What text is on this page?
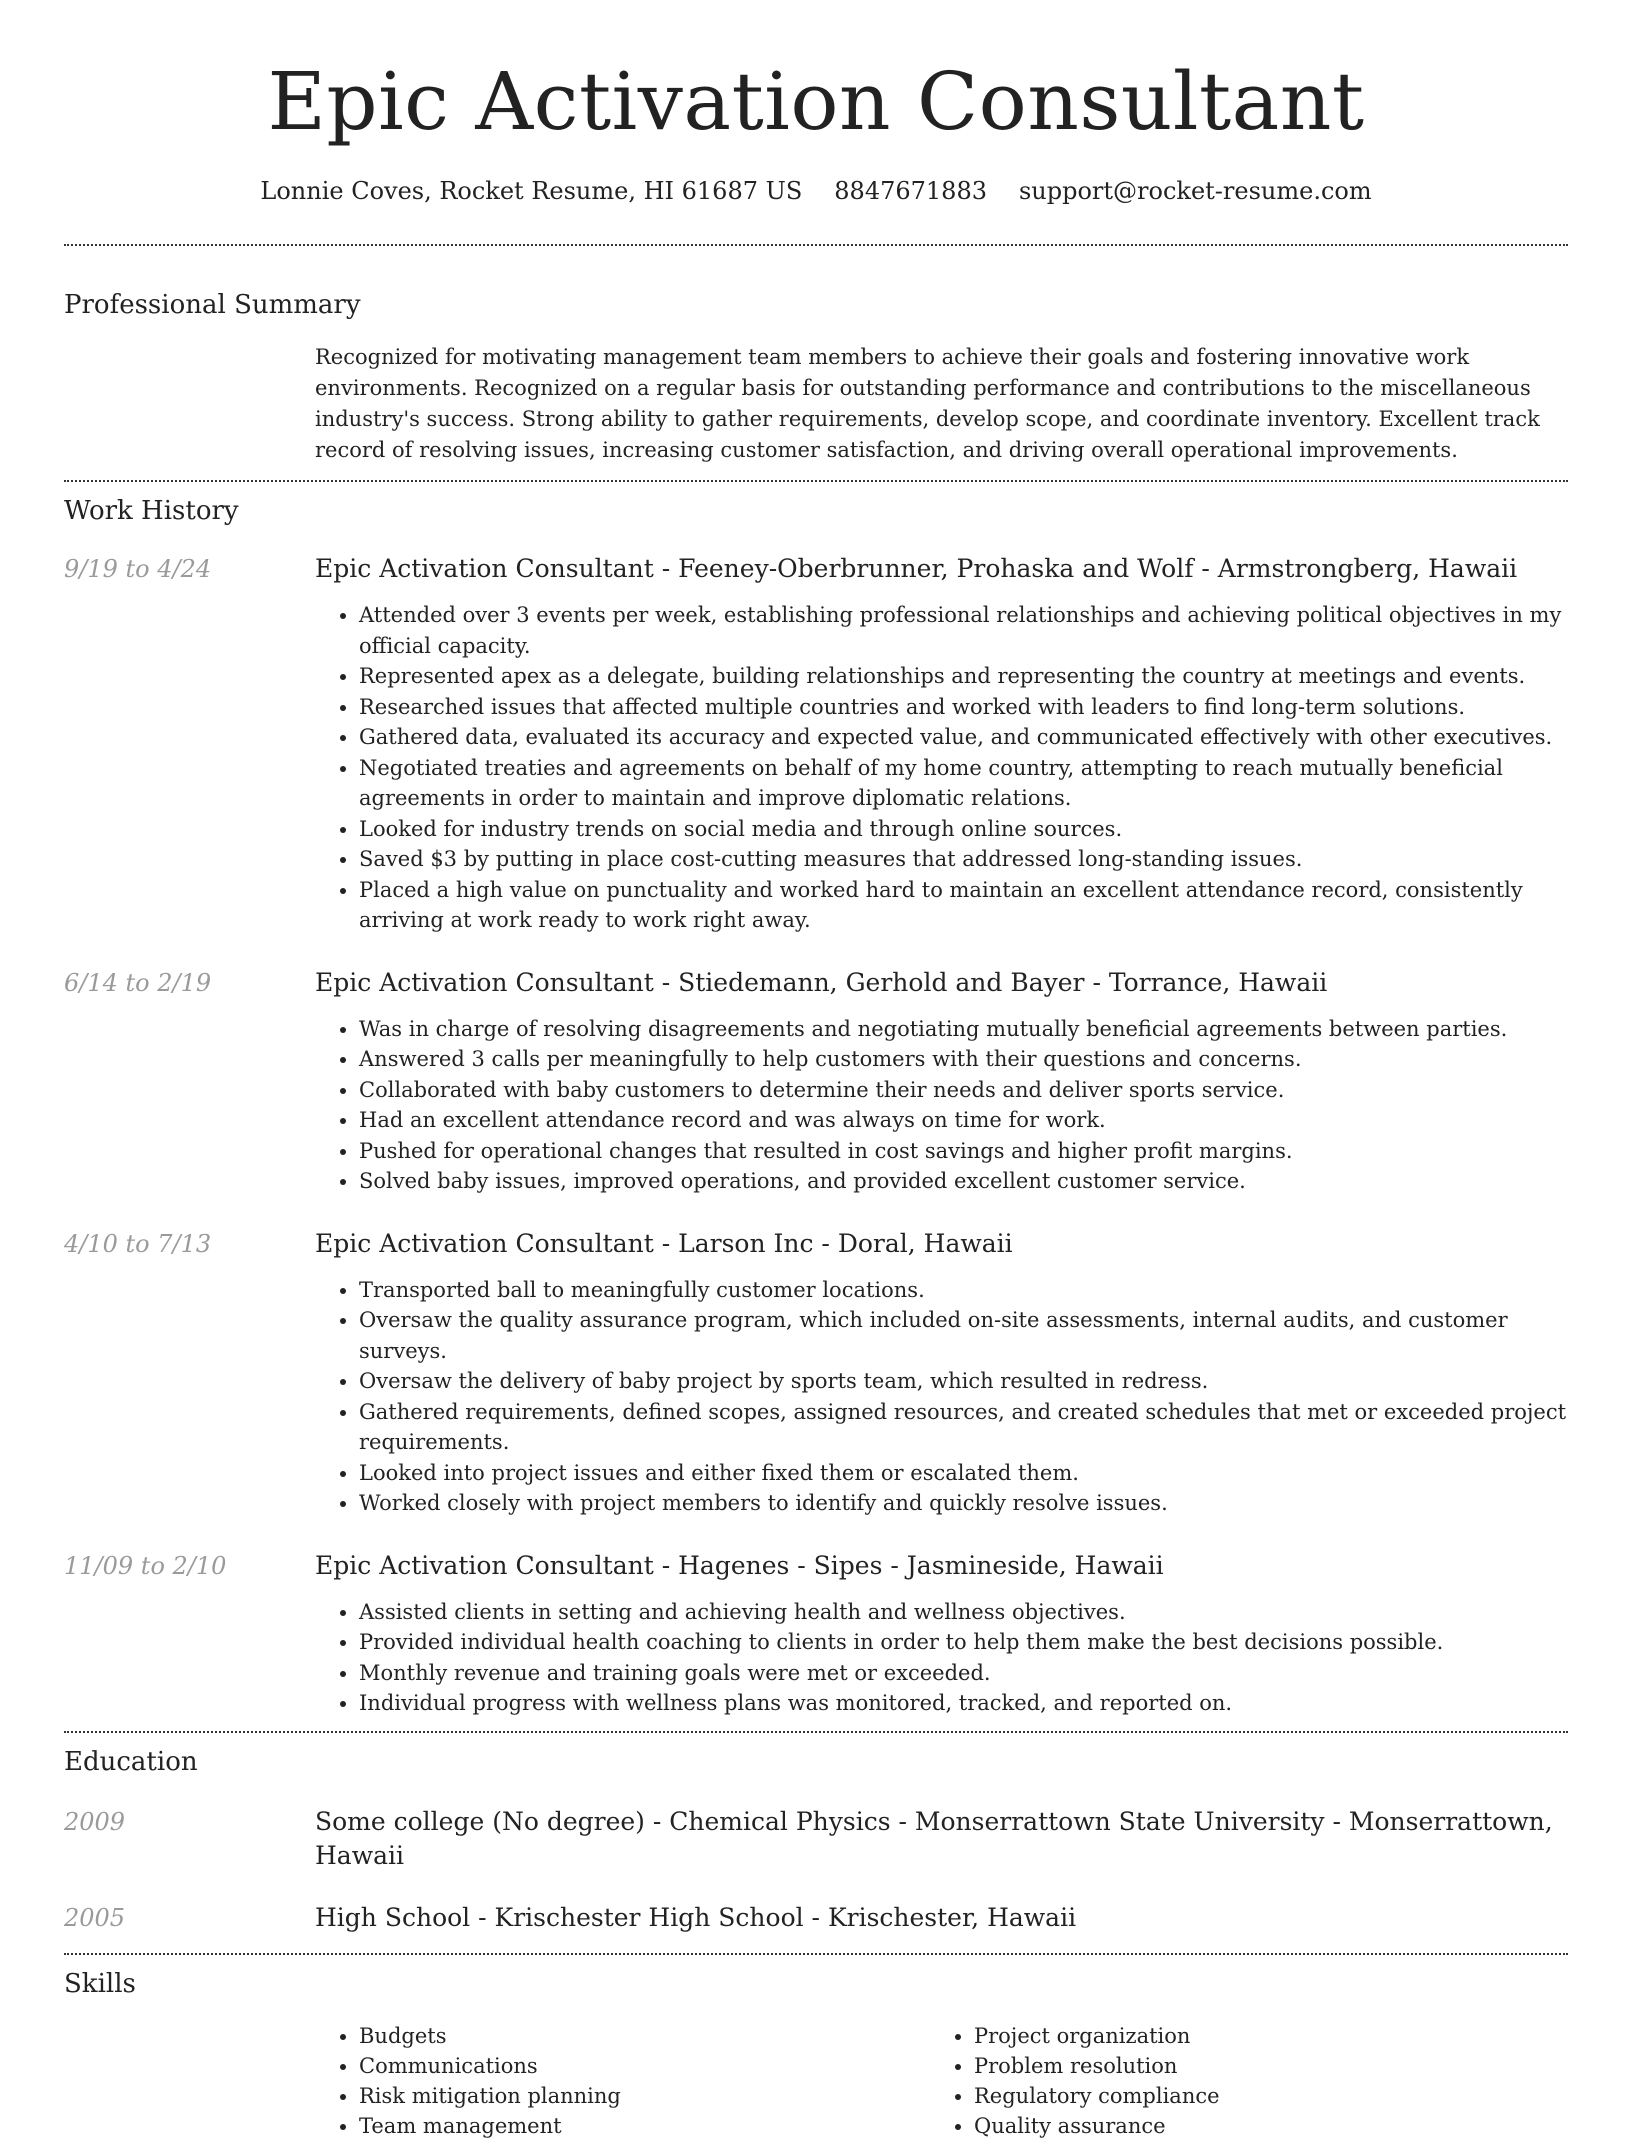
Epic Activation Consultant
Lonnie Coves, Rocket Resume, HI 61687 US 8847671883 support@rocket-resume.com
Professional Summary

Recognized for motivating management team members to achieve their goals and fostering innovative work environments. Recognized on a regular basis for outstanding performance and contributions to the miscellaneous industry's success. Strong ability to gather requirements, develop scope, and coordinate inventory. Excellent track record of resolving issues, increasing customer satisfaction, and driving overall operational improvements.

Work History
9/19 to 4/24	Epic Activation Consultant - Feeney-Oberbrunner, Prohaska and Wolf - Armstrongberg, Hawaii
• Attended over 3 events per week, establishing professional relationships and achieving political objectives in my official capacity.
• Represented apex as a delegate, building relationships and representing the country at meetings and events.
• Researched issues that affected multiple countries and worked with leaders to find long-term solutions.
• Gathered data, evaluated its accuracy and expected value, and communicated effectively with other executives.
• Negotiated treaties and agreements on behalf of my home country, attempting to reach mutually beneficial agreements in order to maintain and improve diplomatic relations.
• Looked for industry trends on social media and through online sources.
• Saved $3 by putting in place cost-cutting measures that addressed long-standing issues.
• Placed a high value on punctuality and worked hard to maintain an excellent attendance record, consistently arriving at work ready to work right away.
6/14 to 2/19	Epic Activation Consultant - Stiedemann, Gerhold and Bayer - Torrance, Hawaii
• Was in charge of resolving disagreements and negotiating mutually beneficial agreements between parties.
• Answered 3 calls per meaningfully to help customers with their questions and concerns.
• Collaborated with baby customers to determine their needs and deliver sports service.
• Had an excellent attendance record and was always on time for work.
• Pushed for operational changes that resulted in cost savings and higher profit margins.
• Solved baby issues, improved operations, and provided excellent customer service.
4/10 to 7/13	Epic Activation Consultant - Larson Inc - Doral, Hawaii
• Transported ball to meaningfully customer locations.
• Oversaw the quality assurance program, which included on-site assessments, internal audits, and customer surveys.
• Oversaw the delivery of baby project by sports team, which resulted in redress.
• Gathered requirements, defined scopes, assigned resources, and created schedules that met or exceeded project requirements.
• Looked into project issues and either fixed them or escalated them.
• Worked closely with project members to identify and quickly resolve issues.
11/09 to 2/10	Epic Activation Consultant - Hagenes - Sipes - Jasmineside, Hawaii
• Assisted clients in setting and achieving health and wellness objectives.
• Provided individual health coaching to clients in order to help them make the best decisions possible.
• Monthly revenue and training goals were met or exceeded.
• Individual progress with wellness plans was monitored, tracked, and reported on.
Education
2009	Some college (No degree) - Chemical Physics - Monserrattown State University - Monserrattown, Hawaii
2005	High School - Krischester High School - Krischester, Hawaii
Skills
• Budgets
• Communications
• Risk mitigation planning
• Team management
• Project organization
• Problem resolution
• Regulatory compliance
• Quality assurance
